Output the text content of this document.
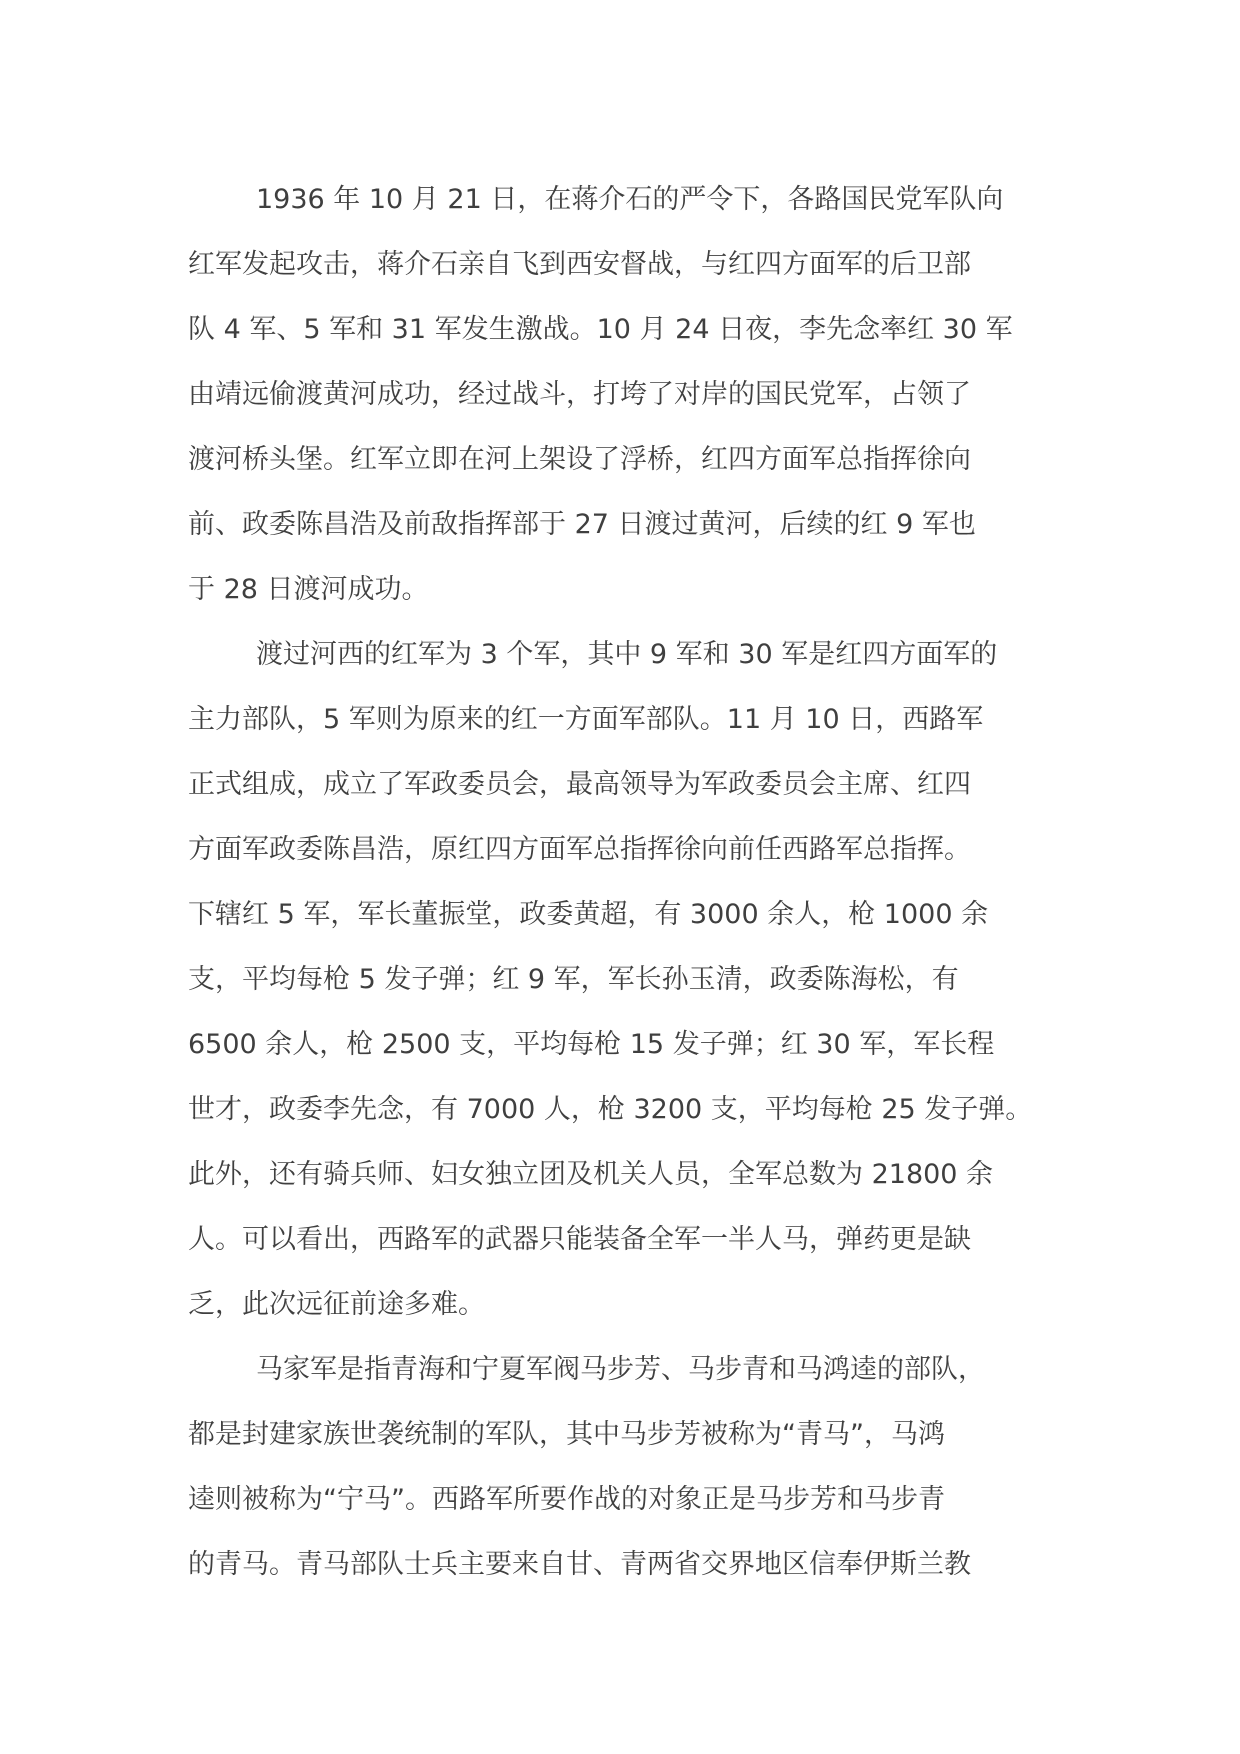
1936 年 10 月 21 日，在蒋介石的严令下，各路国民党军队向
红军发起攻击，蒋介石亲自飞到西安督战，与红四方面军的后卫部
队 4 军、5 军和 31 军发生激战。10 月 24 日夜，李先念率红 30 军
由靖远偷渡黄河成功，经过战斗，打垮了对岸的国民党军，占领了
渡河桥头堡。红军立即在河上架设了浮桥，红四方面军总指挥徐向
前、政委陈昌浩及前敌指挥部于 27 日渡过黄河，后续的红 9 军也
于 28 日渡河成功。
渡过河西的红军为 3 个军，其中 9 军和 30 军是红四方面军的
主力部队，5 军则为原来的红一方面军部队。11 月 10 日，西路军
正式组成，成立了军政委员会，最高领导为军政委员会主席、红四
方面军政委陈昌浩，原红四方面军总指挥徐向前任西路军总指挥。
下辖红 5 军，军长董振堂，政委黄超，有 3000 余人，枪 1000 余
支，平均每枪 5 发子弹；红 9 军，军长孙玉清，政委陈海松，有
6500 余人，枪 2500 支，平均每枪 15 发子弹；红 30 军，军长程
世才，政委李先念，有 7000 人，枪 3200 支，平均每枪 25 发子弹。
此外，还有骑兵师、妇女独立团及机关人员，全军总数为 21800 余
人。可以看出，西路军的武器只能装备全军一半人马，弹药更是缺
乏，此次远征前途多难。
马家军是指青海和宁夏军阀马步芳、马步青和马鸿逵的部队，
都是封建家族世袭统制的军队，其中马步芳被称为“青马”，马鸿
逵则被称为“宁马”。西路军所要作战的对象正是马步芳和马步青
的青马。青马部队士兵主要来自甘、青两省交界地区信奉伊斯兰教
